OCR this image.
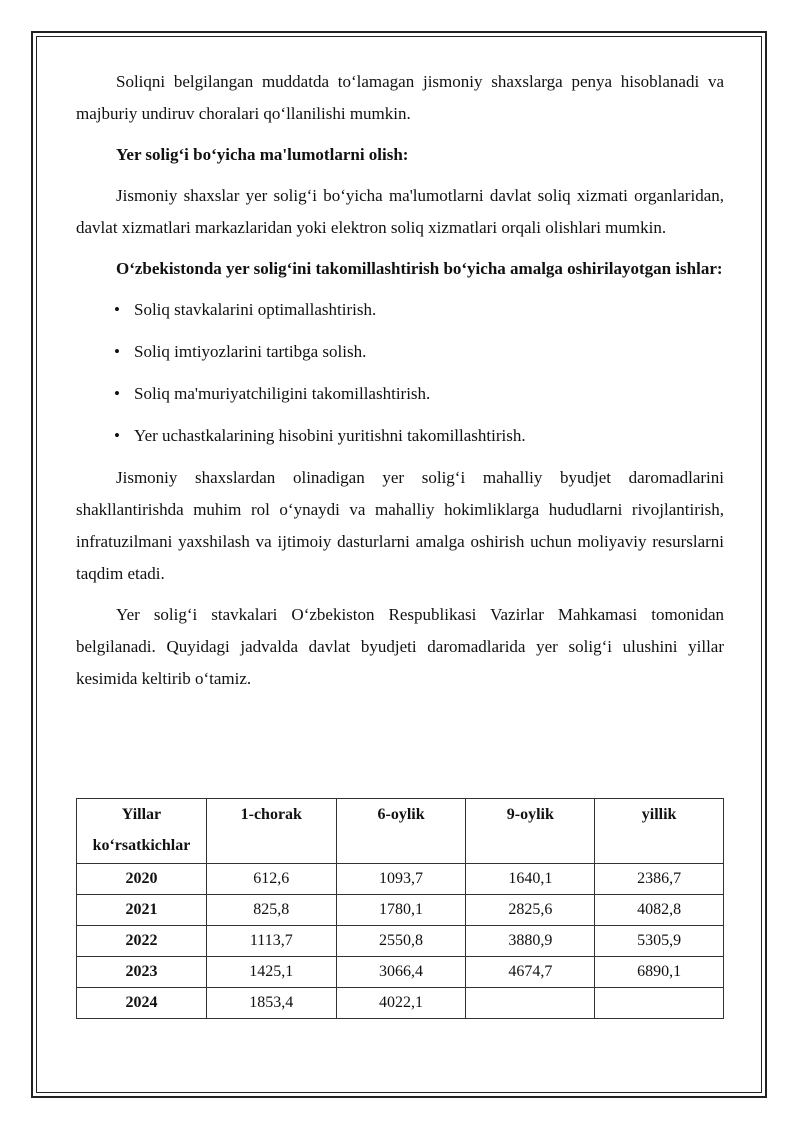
Soliqni belgilangan muddatda to‘lamagan jismoniy shaxslarga penya hisoblanadi va majburiy undiruv choralari qo‘llanilishi mumkin.

Yer solig‘i bo‘yicha ma'lumotlarni olish:

Jismoniy shaxslar yer solig‘i bo‘yicha ma'lumotlarni davlat soliq xizmati organlaridan, davlat xizmatlari markazlaridan yoki elektron soliq xizmatlari orqali olishlari mumkin.

O‘zbekistonda yer solig‘ini takomillashtirish bo‘yicha amalga oshirilayotgan ishlar:

• Soliq stavkalarini optimallashtirish.
• Soliq imtiyozlarini tartibga solish.
• Soliq ma'muriyatchiligini takomillashtirish.
• Yer uchastkalarining hisobini yuritishni takomillashtirish.

Jismoniy shaxslardan olinadigan yer solig‘i mahalliy byudjet daromadlarini shakllantirishda muhim rol o‘ynaydi va mahalliy hokimliklarga hududlarni rivojlantirish, infratuzilmani yaxshilash va ijtimoiy dasturlarni amalga oshirish uchun moliyaviy resurslarni taqdim etadi.

Yer solig‘i stavkalari O‘zbekiston Respublikasi Vazirlar Mahkamasi tomonidan belgilanadi. Quyidagi jadvalda davlat byudjeti daromadlarida yer solig‘i ulushini yillar kesimida keltirib o‘tamiz.

Yillar
ko‘rsatkichlar	1-chorak	6-oylik	9-oylik	yillik
2020	612,6	1093,7	1640,1	2386,7
2021	825,8	1780,1	2825,6	4082,8
2022	1113,7	2550,8	3880,9	5305,9
2023	1425,1	3066,4	4674,7	6890,1
2024	1853,4	4022,1		
